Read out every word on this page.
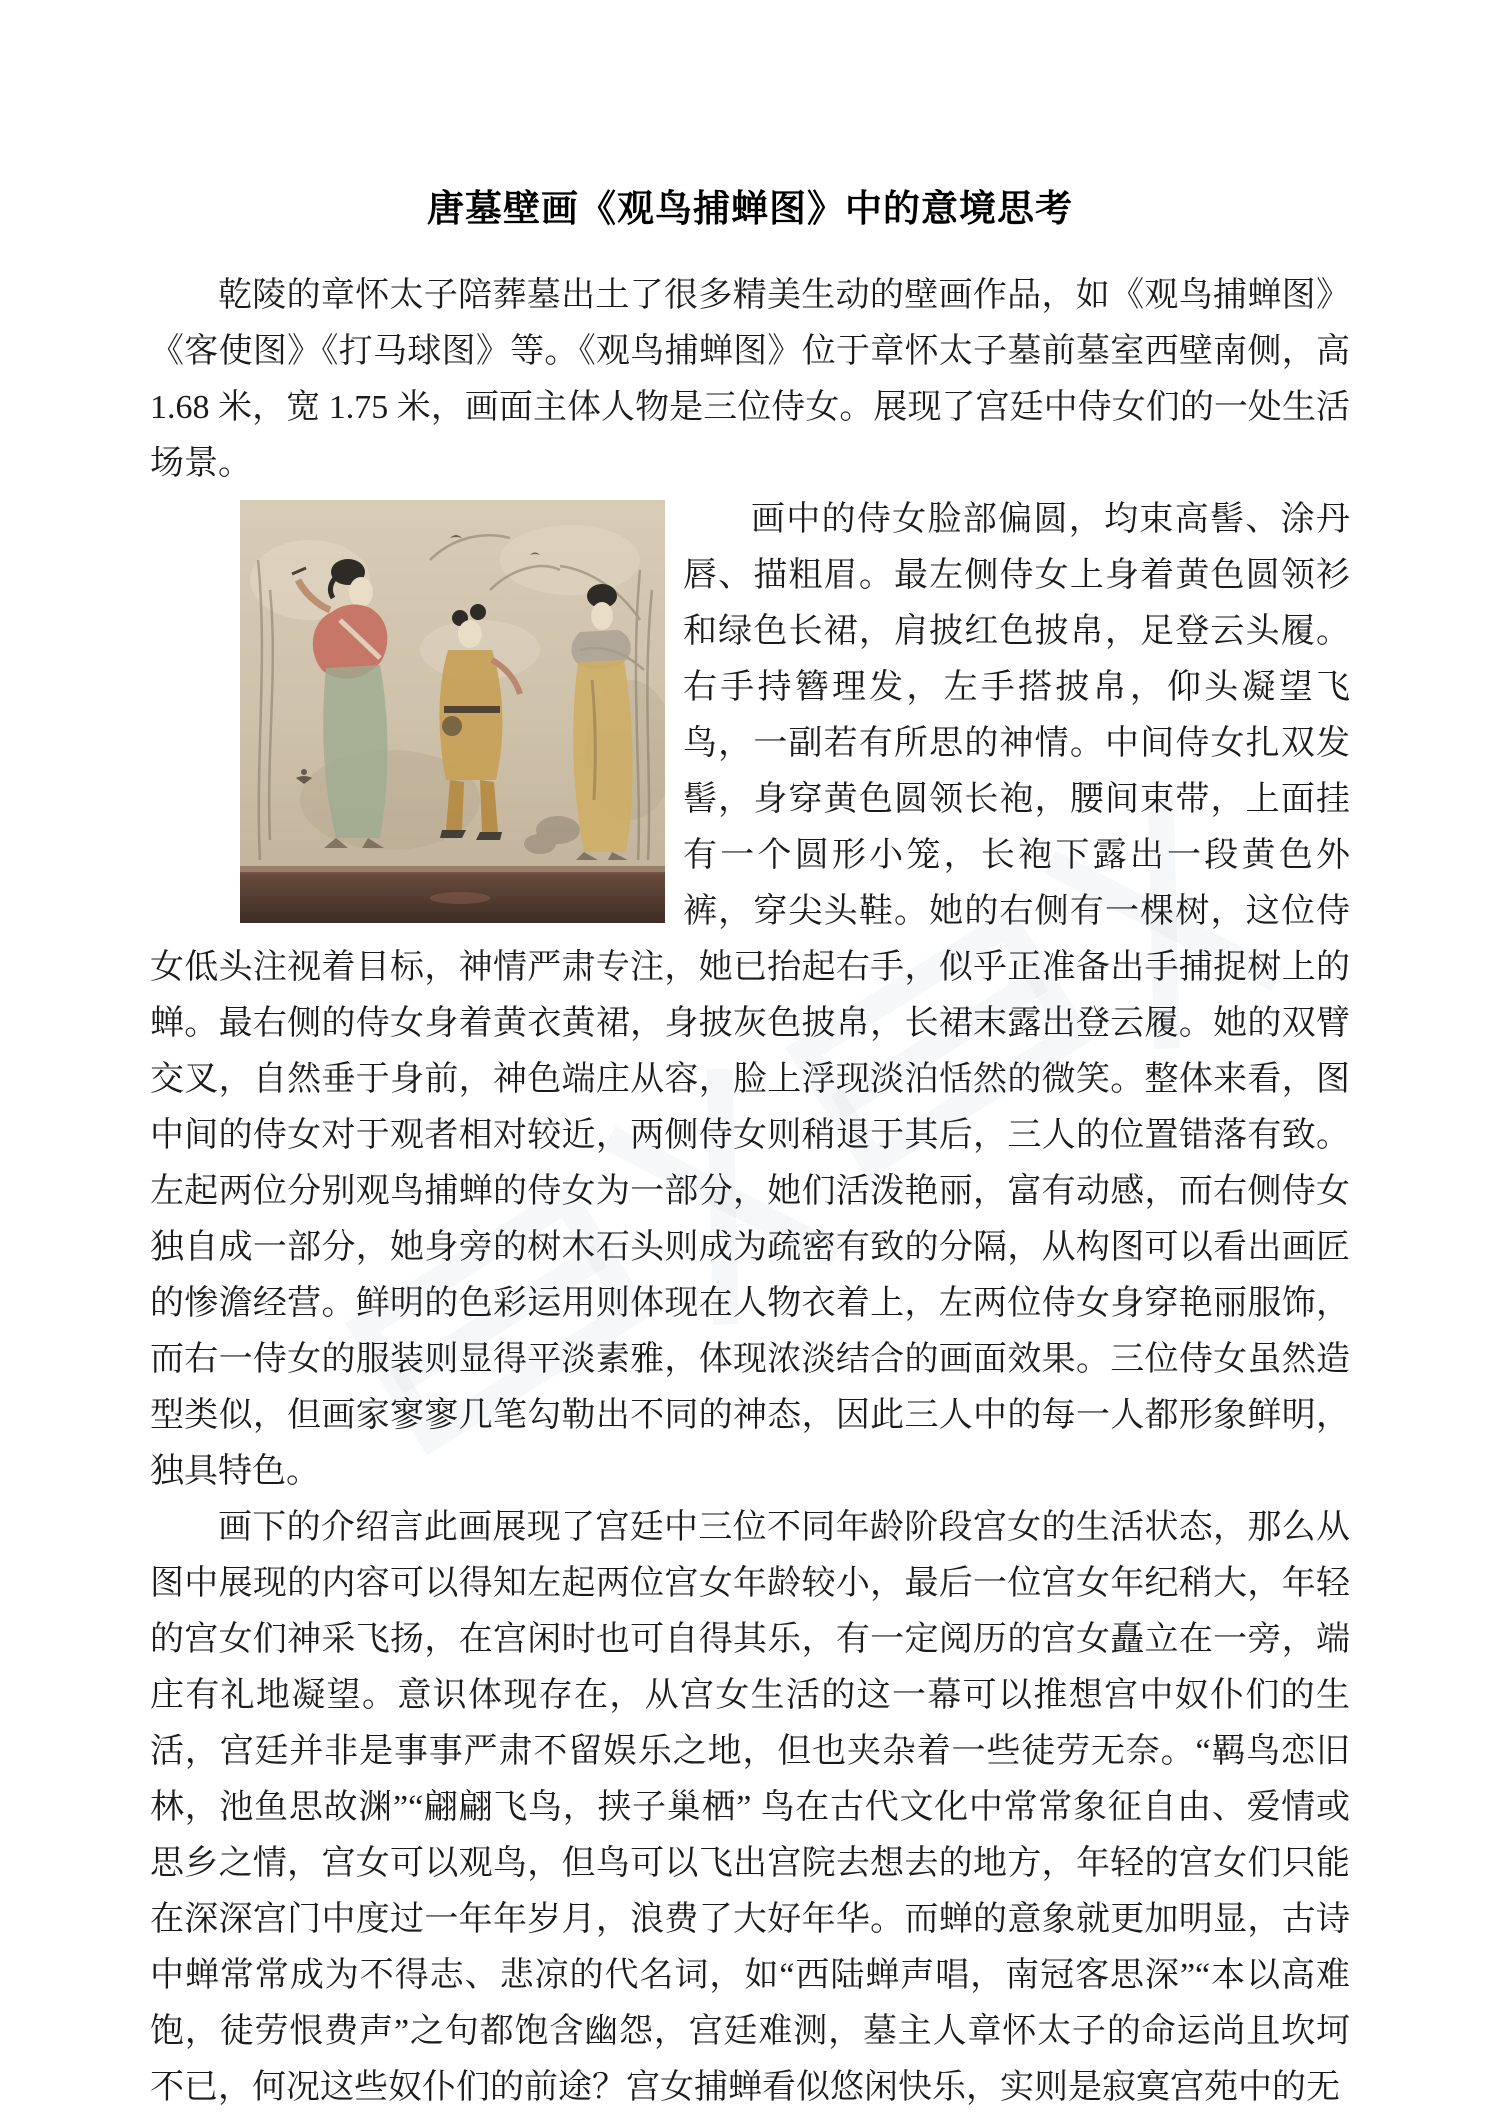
唐墓壁画《观鸟捕蝉图》中的意境思考

乾陵的章怀太子陪葬墓出土了很多精美生动的壁画作品，如《观鸟捕蝉图》《客使图》《打马球图》等。《观鸟捕蝉图》位于章怀太子墓前墓室西壁南侧，高 1.68 米，宽 1.75 米，画面主体人物是三位侍女。展现了宫廷中侍女们的一处生活场景。

画中的侍女脸部偏圆，均束高髻、涂丹唇、描粗眉。最左侧侍女上身着黄色圆领衫和绿色长裙，肩披红色披帛，足登云头履。右手持簪理发，左手搭披帛，仰头凝望飞鸟，一副若有所思的神情。中间侍女扎双发髻，身穿黄色圆领长袍，腰间束带，上面挂有一个圆形小笼，长袍下露出一段黄色外裤，穿尖头鞋。她的右侧有一棵树，这位侍女低头注视着目标，神情严肃专注，她已抬起右手，似乎正准备出手捕捉树上的蝉。最右侧的侍女身着黄衣黄裙，身披灰色披帛，长裙末露出登云履。她的双臂交叉，自然垂于身前，神色端庄从容，脸上浮现淡泊恬然的微笑。整体来看，图中间的侍女对于观者相对较近，两侧侍女则稍退于其后，三人的位置错落有致。左起两位分别观鸟捕蝉的侍女为一部分，她们活泼艳丽，富有动感，而右侧侍女独自成一部分，她身旁的树木石头则成为疏密有致的分隔，从构图可以看出画匠的惨澹经营。鲜明的色彩运用则体现在人物衣着上，左两位侍女身穿艳丽服饰，而右一侍女的服装则显得平淡素雅，体现浓淡结合的画面效果。三位侍女虽然造型类似，但画家寥寥几笔勾勒出不同的神态，因此三人中的每一人都形象鲜明，独具特色。

画下的介绍言此画展现了宫廷中三位不同年龄阶段宫女的生活状态，那么从图中展现的内容可以得知左起两位宫女年龄较小，最后一位宫女年纪稍大，年轻的宫女们神采飞扬，在宫闲时也可自得其乐，有一定阅历的宫女矗立在一旁，端庄有礼地凝望。意识体现存在，从宫女生活的这一幕可以推想宫中奴仆们的生活，宫廷并非是事事严肃不留娱乐之地，但也夹杂着一些徒劳无奈。“羁鸟恋旧林，池鱼思故渊”“翩翩飞鸟，挟子巢栖” 鸟在古代文化中常常象征自由、爱情或思乡之情，宫女可以观鸟，但鸟可以飞出宫院去想去的地方，年轻的宫女们只能在深深宫门中度过一年年岁月，浪费了大好年华。而蝉的意象就更加明显，古诗中蝉常常成为不得志、悲凉的代名词，如“西陆蝉声唱，南冠客思深”“本以高难饱，徒劳恨费声”之句都饱含幽怨，宫廷难测，墓主人章怀太子的命运尚且坎坷不已，何况这些奴仆们的前途？宫女捕蝉看似悠闲快乐，实则是寂寞宫苑中的无
